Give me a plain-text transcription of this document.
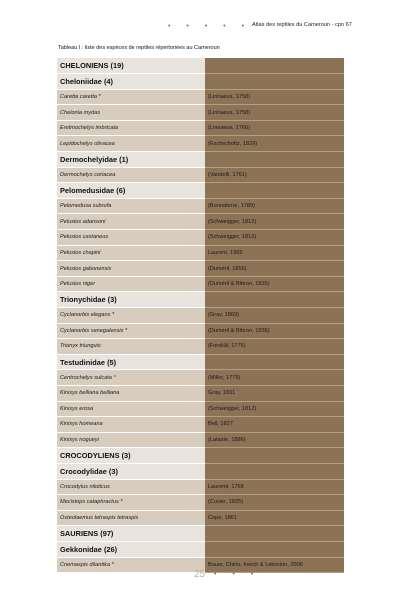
• • • • • Atlas des reptiles du Cameroun - cpn 67
Tableau I : liste des espèces de reptiles répertoriées au Cameroun
CHELONIENS (19)	
Cheloniidae (4)	
Caretta caretta *	(Linnaeus, 1758)
Chelonia mydas	(Linnaeus, 1758)
Eretmochelys imbricata	(Linnaeus, 1766)
Lepidochelys olivacea	(Eschscholtz, 1829)
Dermochelyidae (1)	
Dermochelys coriacea	(Vandelli, 1761)
Pelomedusidae (6)	
Pelomedusa subrufa	(Bonnaterre, 1789)
Pelusios adansoni	(Schweigger, 1812)
Pelusios castaneus	(Schweigger, 1812)
Pelusios chapini	Laurent, 1965
Pelusios gabonensis	(Duméril, 1856)
Pelusios niger	(Duméril & Bibron, 1835)
Trionychidae (3)	
Cyclanorbis elegans *	(Gray, 1869)
Cyclanorbis senegalensis *	(Duméril & Bibron, 1835)
Trionyx triunguis	(Forskål, 1775)
Testudinidae (5)	
Centrochelys sulcata °	(Miller, 1779)
Kinixys belliana belliana	Gray, 1831
Kinixys erosa	(Schweigger, 1812)
Kinixys homeana	Bell, 1827
Kinixys nogueyi	(Lataste, 1886)
CROCODYLIENS (3)	
Crocodylidae (3)	
Crocodylus niloticus	Laurenti, 1768
Mecistops cataphractus *	(Cuvier, 1825)
Osteolaemus tetraspis tetraspis	Cope, 1861
SAURIENS (97)	
Gekkonidae (26)	
Cnemaspis dilantika *	Bauer, Chirio, Ineich & Lebreton, 2006
25 • • •
